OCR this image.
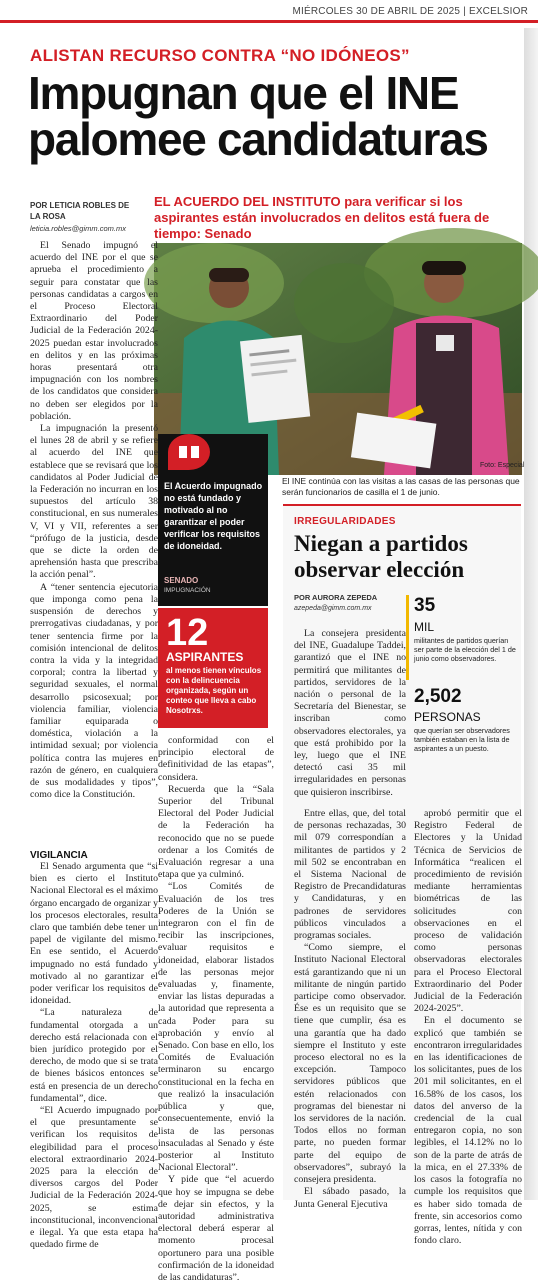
MIÉRCOLES 30 DE ABRIL DE 2025 | EXCELSIOR
ALISTAN RECURSO CONTRA “NO IDÓNEOS”
Impugnan que el INE palomee candidaturas
POR LETICIA ROBLES DE LA ROSA
leticia.robles@gimm.com.mx
EL ACUERDO DEL INSTITUTO para verificar si los aspirantes están involucrados en delitos está fuera de tiempo: Senado
Foto: Especial
El INE continúa con las visitas a las casas de las personas que serán funcionarios de casilla el 1 de junio.

El Senado impugnó el acuerdo del INE por el que se aprueba el procedimiento a seguir para constatar que las personas candidatas a cargos en el Proceso Electoral Extraordinario del Poder Judicial de la Federación 2024-2025 puedan estar involucrados en delitos y en las próximas horas presentará otra impugnación con los nombres de los candidatos que considera no deben ser elegidos por la población.

La impugnación la presentó el lunes 28 de abril y se refiere al acuerdo del INE que establece que se revisará que los candidatos al Poder Judicial de la Federación no incurran en los supuestos del artículo 38 constitucional, en sus numerales V, VI y VII, referentes a ser “prófugo de la justicia, desde que se dicte la orden de aprehensión hasta que prescriba la acción penal”.

A “tener sentencia ejecutoria que imponga como pena la suspensión de derechos y prerrogativas ciudadanas, y por tener sentencia firme por la comisión intencional de delitos contra la vida y la integridad corporal; contra la libertad y seguridad sexuales, el normal desarrollo psicosexual; por violencia familiar, violencia familiar equiparada o doméstica, violación a la intimidad sexual; por violencia política contra las mujeres en razón de género, en cualquiera de sus modalidades y tipos”, como dice la Constitución.

VIGILANCIA

El Senado argumenta que “si bien es cierto el Instituto Nacional Electoral es el máximo órgano encargado de organizar y los procesos electorales, resulta claro que también debe tener un papel de vigilante del mismo. En ese sentido, el Acuerdo impugnado no está fundado y motivado al no garantizar el poder verificar los requisitos de idoneidad.

“La naturaleza de fundamental otorgada a un derecho está relacionada con el bien jurídico protegido por el derecho, de modo que si se trata de bienes básicos entonces se está en presencia de un derecho fundamental”, dice.

“El Acuerdo impugnado por el que presuntamente se verifican los requisitos de elegibilidad para el proceso electoral extraordinario 2024-2025 para la elección de diversos cargos del Poder Judicial de la Federación 2024-2025, se estima inconstitucional, inconvencional e ilegal. Ya que esta etapa ha quedado firme de

El Acuerdo impugnado no está fundado y motivado al no garantizar el poder verificar los requisitos de idoneidad.
SENADO
IMPUGNACIÓN
12
ASPIRANTES
al menos tienen vínculos con la delincuencia organizada, según un conteo que lleva a cabo Nosotrxs.

conformidad con el principio electoral de definitividad de las etapas”, considera.

Recuerda que la “Sala Superior del Tribunal Electoral del Poder Judicial de la Federación ha reconocido que no se puede ordenar a los Comités de Evaluación regresar a una etapa que ya culminó.

“Los Comités de Evaluación de los tres Poderes de la Unión se integraron con el fin de recibir las inscripciones, evaluar requisitos e idoneidad, elaborar listados de las personas mejor evaluadas y, finamente, enviar las listas depuradas a la autoridad que representa a cada Poder para su aprobación y envío al Senado. Con base en ello, los Comités de Evaluación terminaron su encargo constitucional en la fecha en que realizó la insaculación pública y que, consecuentemente, envió la lista de las personas insaculadas al Senado y éste posterior al Instituto Nacional Electoral”.

Y pide que “el acuerdo que hoy se impugna se debe de dejar sin efectos, y la autoridad administrativa electoral deberá esperar al momento procesal oportunero para una posible confirmación de la idoneidad de las candidaturas”.

IRREGULARIDADES
Niegan a partidos observar elección
POR AURORA ZEPEDA
azepeda@gimm.com.mx

La consejera presidenta del INE, Guadalupe Taddei, garantizó que el INE no permitirá que militantes de partidos, servidores de la nación o personal de la Secretaría del Bienestar, se inscriban como observadores electorales, ya que está prohibido por la ley, luego que el INE detectó casi 35 mil irregularidades en personas que quisieron inscribirse.

Entre ellas, que, del total de personas rechazadas, 30 mil 079 correspondían a militantes de partidos y 2 mil 502 se encontraban en el Sistema Nacional de Registro de Precandidaturas y Candidaturas, y en padrones de servidores públicos vinculados a programas sociales.

“Como siempre, el Instituto Nacional Electoral está garantizando que ni un militante de ningún partido participe como observador. Ése es un requisito que se tiene que cumplir, ésa es una garantía que ha dado siempre el Instituto y este proceso electoral no es la excepción. Tampoco servidores públicos que estén relacionados con programas del bienestar ni los servidores de la nación. Todos ellos no forman parte, no pueden formar parte del equipo de observadores”, subrayó la consejera presidenta.

El sábado pasado, la Junta General Ejecutiva

35
MIL
militantes de partidos querían ser parte de la elección del 1 de junio como observadores.
2,502
PERSONAS
que querían ser observadores también estaban en la lista de aspirantes a un puesto.

aprobó permitir que el Registro Federal de Electores y la Unidad Técnica de Servicios de Informática “realicen el procedimiento de revisión mediante herramientas biométricas de las solicitudes con observaciones en el proceso de validación como personas observadoras electorales para el Proceso Electoral Extraordinario del Poder Judicial de la Federación 2024-2025”.

En el documento se explicó que también se encontraron irregularidades en las identificaciones de los solicitantes, pues de los 201 mil solicitantes, en el 16.58% de los casos, los datos del anverso de la credencial de la cual entregaron copia, no son legibles, el 14.12% no lo son de la parte de atrás de la mica, en el 27.33% de los casos la fotografía no cumple los requisitos que es haber sido tomada de frente, sin accesorios como gorras, lentes, nítida y con fondo claro.
